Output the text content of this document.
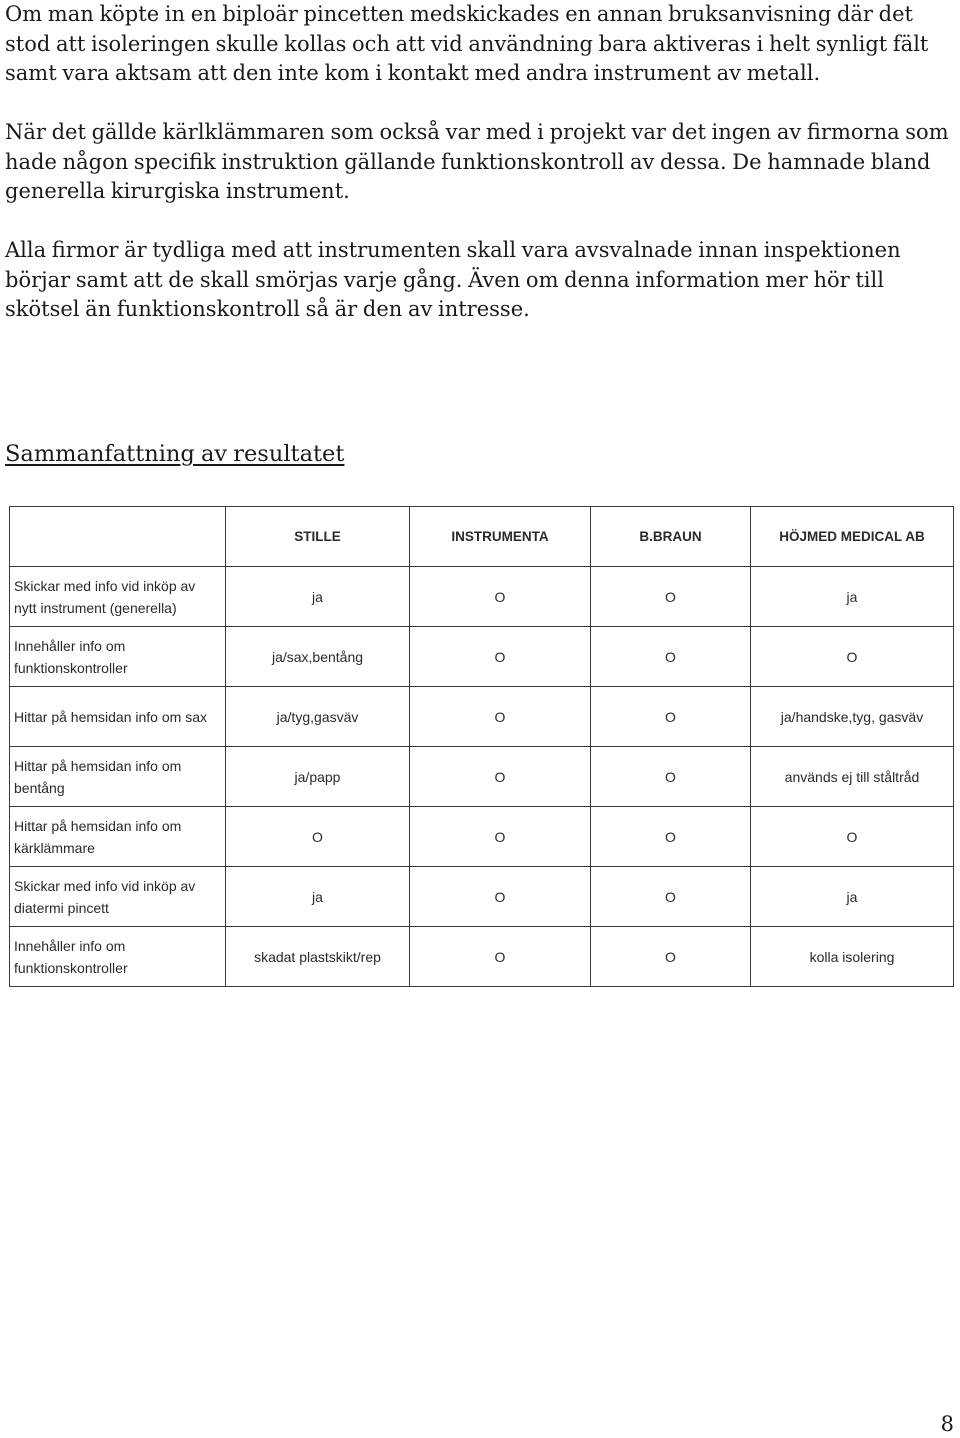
Om man köpte in en biploär pincetten medskickades en annan bruksanvisning där det stod att isoleringen skulle kollas och att vid användning bara aktiveras i helt synligt fält samt vara aktsam att den inte kom i kontakt med andra instrument av metall.

När det gällde kärlklämmaren som också var med i projekt var det ingen av firmorna som hade någon specifik instruktion gällande funktionskontroll av dessa. De hamnade bland generella kirurgiska instrument.

Alla firmor är tydliga med att instrumenten skall vara avsvalnade innan inspektionen börjar samt att de skall smörjas varje gång. Även om denna information mer hör till skötsel än funktionskontroll så är den av intresse.

Sammanfattning av resultatet
	STILLE	INSTRUMENTA	B.BRAUN	HÖJMED MEDICAL AB
Skickar med info vid inköp av nytt instrument (generella)	ja	O	O	ja
Innehåller info om funktionskontroller	ja/sax,bentång	O	O	O
Hittar på hemsidan info om sax	ja/tyg,gasväv	O	O	ja/handske,tyg, gasväv
Hittar på hemsidan info om bentång	ja/papp	O	O	används ej till ståltråd
Hittar på hemsidan info om kärklämmare	O	O	O	O
Skickar med info vid inköp av diatermi pincett	ja	O	O	ja
Innehåller info om funktionskontroller	skadat plastskikt/rep	O	O	kolla isolering
8
